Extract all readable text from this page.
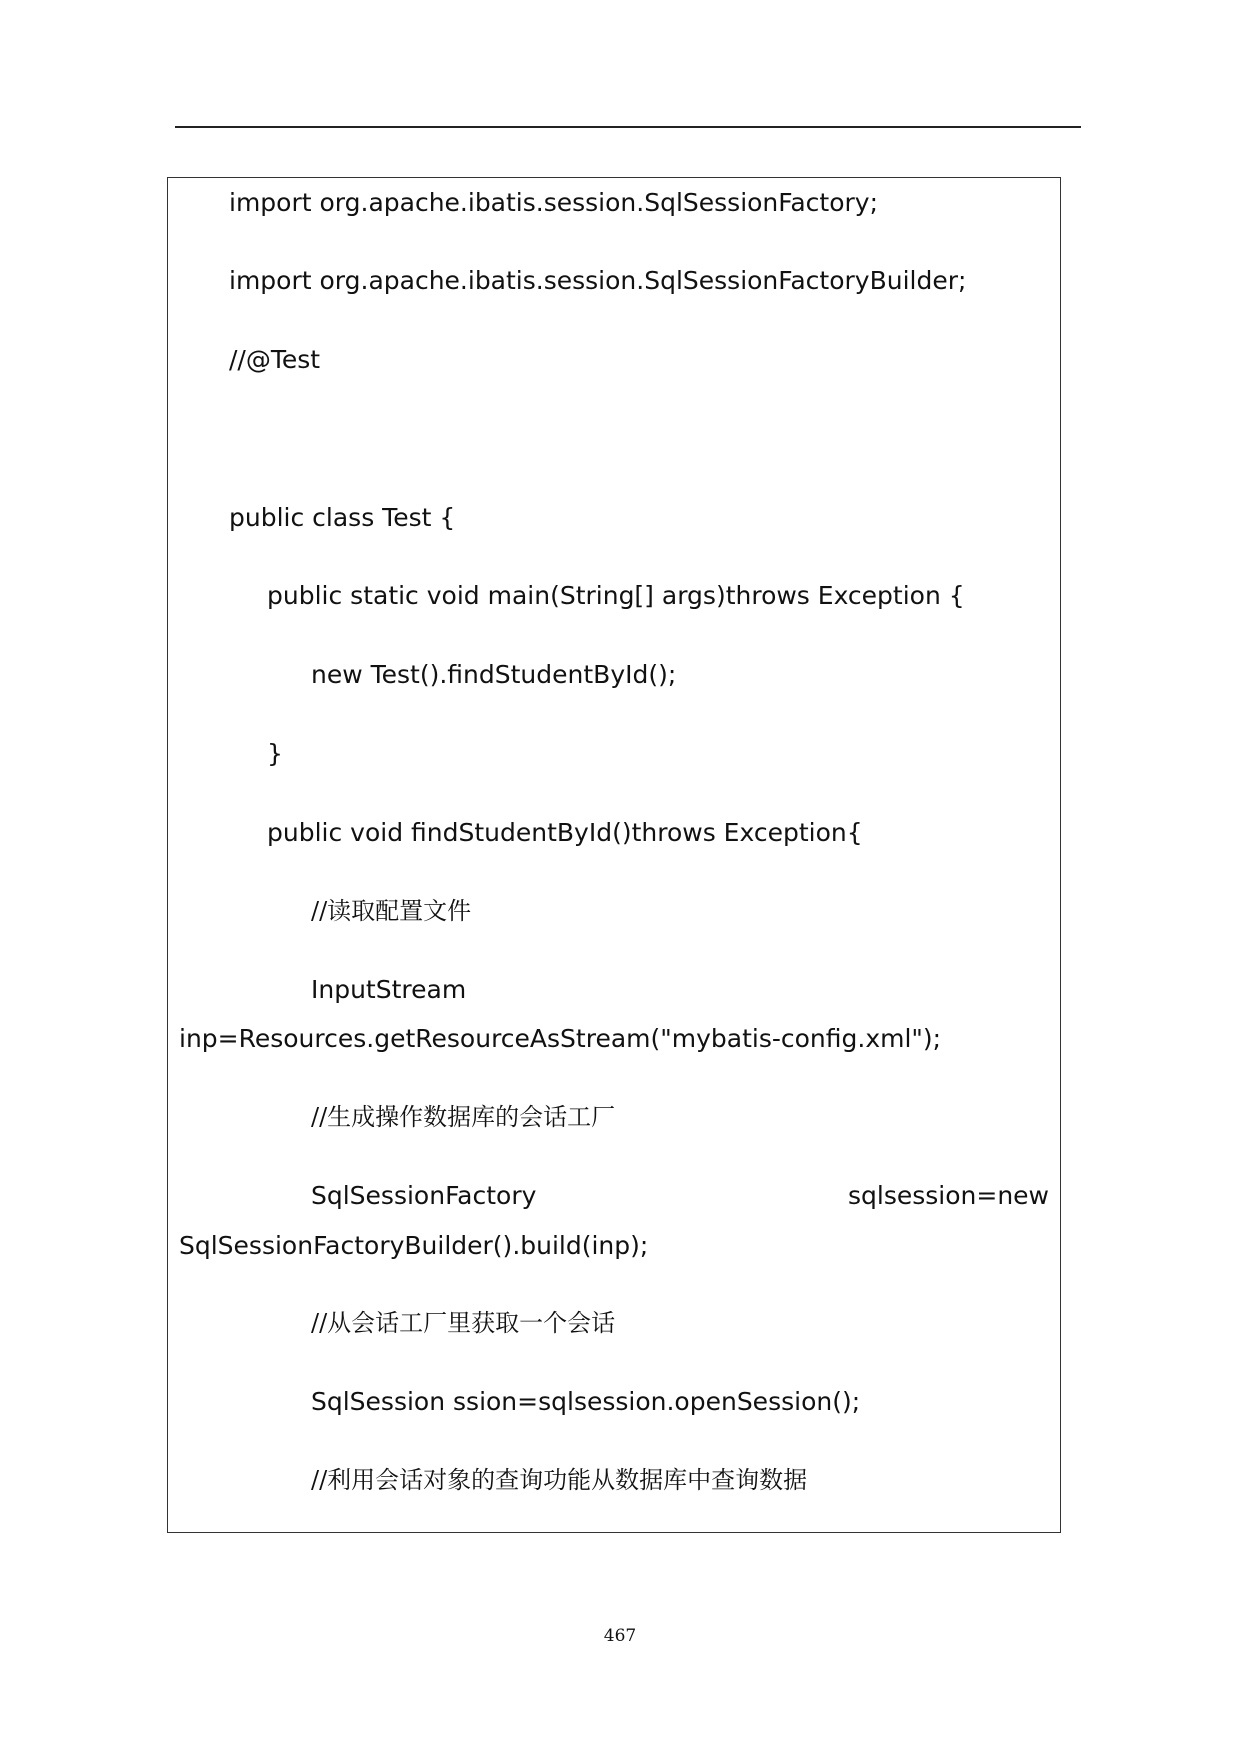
import org.apache.ibatis.session.SqlSessionFactory;
import org.apache.ibatis.session.SqlSessionFactoryBuilder;
//@Test
public class Test {
public static void main(String[] args)throws Exception {
new Test().findStudentById();
}
public void findStudentById()throws Exception{
//读取配置文件
InputStream
inp=Resources.getResourceAsStream("mybatis-config.xml");
//生成操作数据库的会话工厂
SqlSessionFactory	sqlsession=new
SqlSessionFactoryBuilder().build(inp);
//从会话工厂里获取一个会话
SqlSession ssion=sqlsession.openSession();
//利用会话对象的查询功能从数据库中查询数据
467
